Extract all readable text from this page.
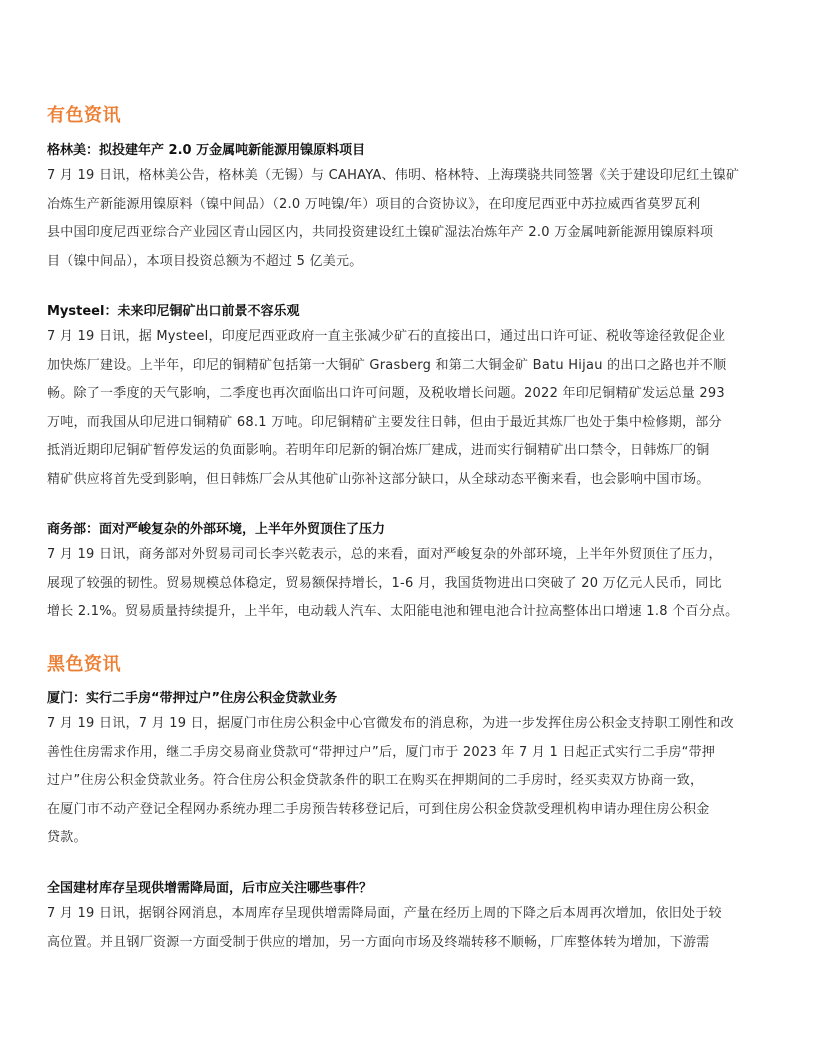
有色资讯
格林美：拟投建年产 2.0 万金属吨新能源用镍原料项目
7 月 19 日讯，格林美公告，格林美（无锡）与 CAHAYA、伟明、格林特、上海璞骁共同签署《关于建设印尼红土镍矿
冶炼生产新能源用镍原料（镍中间品）（2.0 万吨镍/年）项目的合资协议》，在印度尼西亚中苏拉威西省莫罗瓦利
县中国印度尼西亚综合产业园区青山园区内，共同投资建设红土镍矿湿法冶炼年产 2.0 万金属吨新能源用镍原料项
目（镍中间品），本项目投资总额为不超过 5 亿美元。
Mysteel：未来印尼铜矿出口前景不容乐观
7 月 19 日讯，据 Mysteel，印度尼西亚政府一直主张减少矿石的直接出口，通过出口许可证、税收等途径敦促企业
加快炼厂建设。上半年，印尼的铜精矿包括第一大铜矿 Grasberg 和第二大铜金矿 Batu Hijau 的出口之路也并不顺
畅。除了一季度的天气影响，二季度也再次面临出口许可问题，及税收增长问题。2022 年印尼铜精矿发运总量 293
万吨，而我国从印尼进口铜精矿 68.1 万吨。印尼铜精矿主要发往日韩，但由于最近其炼厂也处于集中检修期，部分
抵消近期印尼铜矿暂停发运的负面影响。若明年印尼新的铜冶炼厂建成，进而实行铜精矿出口禁令，日韩炼厂的铜
精矿供应将首先受到影响，但日韩炼厂会从其他矿山弥补这部分缺口，从全球动态平衡来看，也会影响中国市场。
商务部：面对严峻复杂的外部环境，上半年外贸顶住了压力
7 月 19 日讯，商务部对外贸易司司长李兴乾表示，总的来看，面对严峻复杂的外部环境，上半年外贸顶住了压力，
展现了较强的韧性。贸易规模总体稳定，贸易额保持增长，1-6 月，我国货物进出口突破了 20 万亿元人民币，同比
增长 2.1%。贸易质量持续提升，上半年，电动载人汽车、太阳能电池和锂电池合计拉高整体出口增速 1.8 个百分点。
黑色资讯
厦门：实行二手房“带押过户”住房公积金贷款业务
7 月 19 日讯，7 月 19 日，据厦门市住房公积金中心官微发布的消息称，为进一步发挥住房公积金支持职工刚性和改
善性住房需求作用，继二手房交易商业贷款可“带押过户”后，厦门市于 2023 年 7 月 1 日起正式实行二手房“带押
过户”住房公积金贷款业务。符合住房公积金贷款条件的职工在购买在押期间的二手房时，经买卖双方协商一致，
在厦门市不动产登记全程网办系统办理二手房预告转移登记后，可到住房公积金贷款受理机构申请办理住房公积金
贷款。
全国建材库存呈现供增需降局面，后市应关注哪些事件？
7 月 19 日讯，据钢谷网消息，本周库存呈现供增需降局面，产量在经历上周的下降之后本周再次增加，依旧处于较
高位置。并且钢厂资源一方面受制于供应的增加，另一方面向市场及终端转移不顺畅，厂库整体转为增加，下游需
